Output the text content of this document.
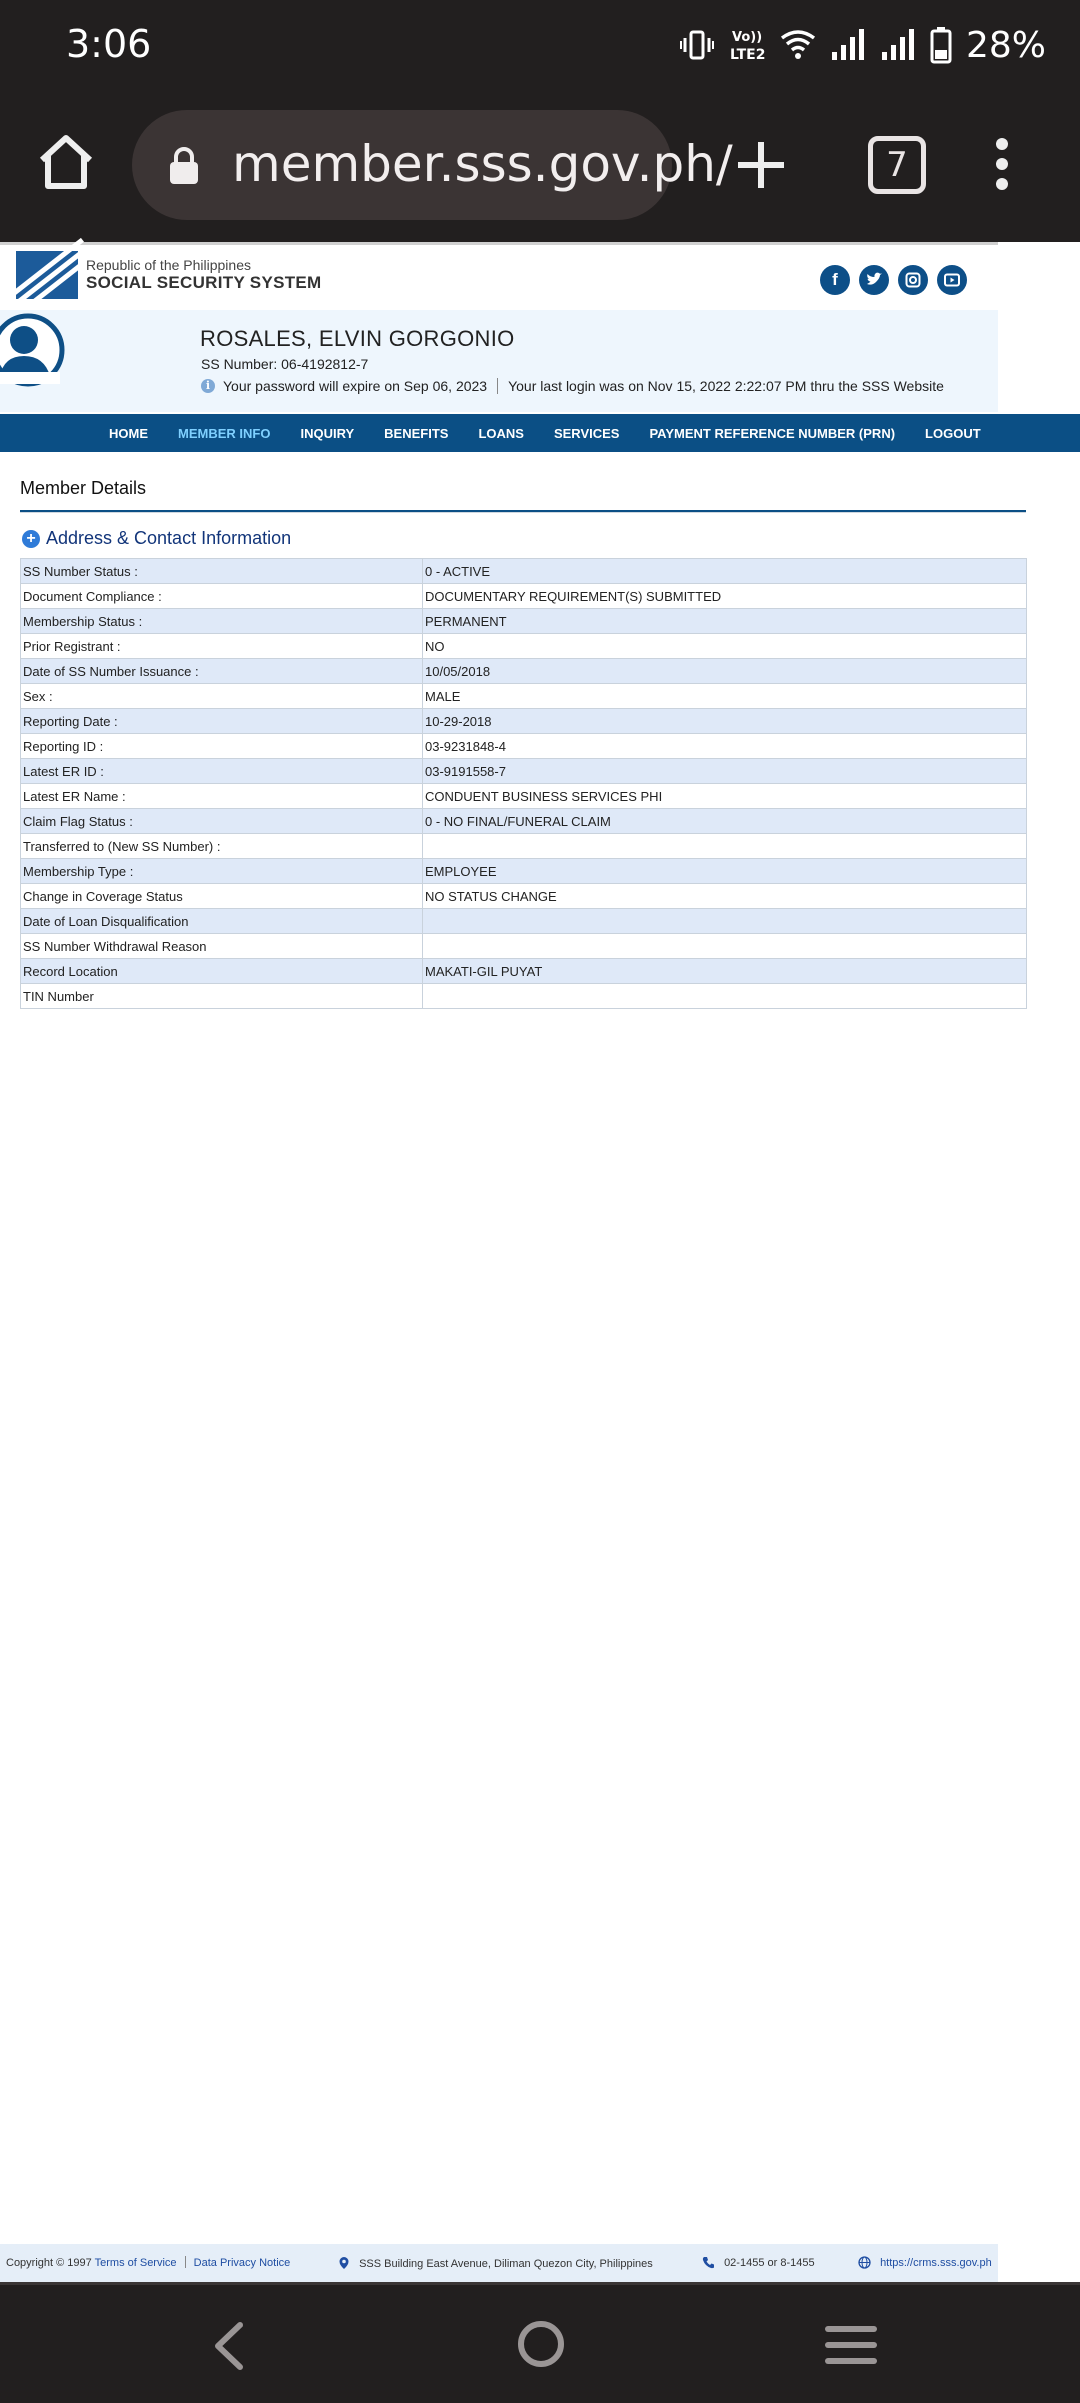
3:06	Vo))
LTE2	28%
member.sss.gov.ph/	7
Republic of the Philippines
SOCIAL SECURITY SYSTEM	f
ROSALES, ELVIN GORGONIO
SS Number: 06-4192812-7
i Your password will expire on Sep 06, 2023 Your last login was on Nov 15, 2022 2:22:07 PM thru the SSS Website
HOME MEMBER INFO INQUIRY BENEFITS LOANS SERVICES PAYMENT REFERENCE NUMBER (PRN) LOGOUT
Member Details
+ Address & Contact Information
SS Number Status :	0 - ACTIVE
Document Compliance :	DOCUMENTARY REQUIREMENT(S) SUBMITTED
Membership Status :	PERMANENT
Prior Registrant :	NO
Date of SS Number Issuance :	10/05/2018
Sex :	MALE
Reporting Date :	10-29-2018
Reporting ID :	03-9231848-4
Latest ER ID :	03-9191558-7
Latest ER Name :	CONDUENT BUSINESS SERVICES PHI
Claim Flag Status :	0 - NO FINAL/FUNERAL CLAIM
Transferred to (New SS Number) :	
Membership Type :	EMPLOYEE
Change in Coverage Status	NO STATUS CHANGE
Date of Loan Disqualification	
SS Number Withdrawal Reason	
Record Location	MAKATI-GIL PUYAT
TIN Number	
Copyright © 1997 Terms of Service Data Privacy Notice	SSS Building East Avenue, Diliman Quezon City, Philippines	02-1455 or 8-1455	https://crms.sss.gov.ph
